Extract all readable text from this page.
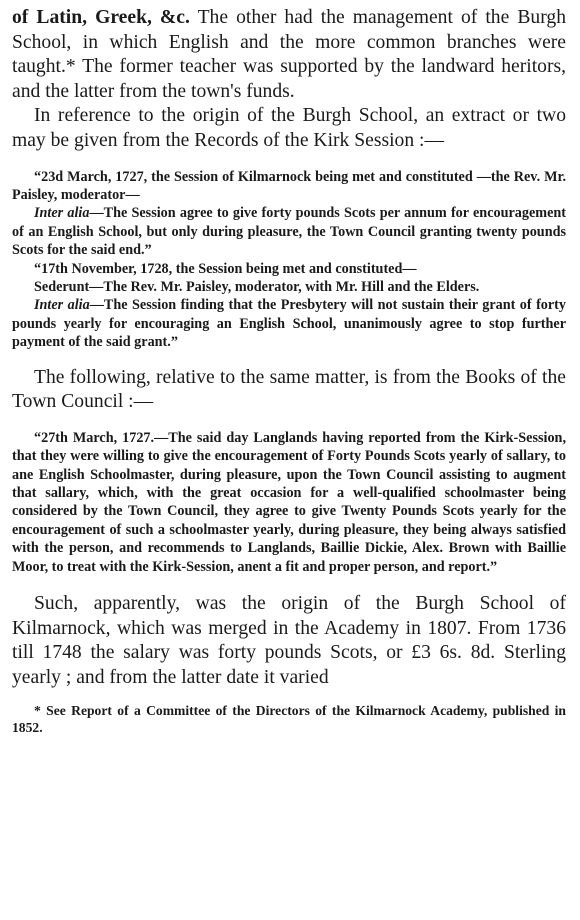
of Latin, Greek, &c. The other had the management of the Burgh School, in which English and the more common branches were taught.* The former teacher was supported by the landward heritors, and the latter from the town's funds.

In reference to the origin of the Burgh School, an extract or two may be given from the Records of the Kirk Session :—

“23d March, 1727, the Session of Kilmarnock being met and constituted —the Rev. Mr. Paisley, moderator—

Inter alia—The Session agree to give forty pounds Scots per annum for encouragement of an English School, but only during pleasure, the Town Council granting twenty pounds Scots for the said end.”

“17th November, 1728, the Session being met and constituted—

Sederunt—The Rev. Mr. Paisley, moderator, with Mr. Hill and the Elders.

Inter alia—The Session finding that the Presbytery will not sustain their grant of forty pounds yearly for encouraging an English School, unanimously agree to stop further payment of the said grant.”

The following, relative to the same matter, is from the Books of the Town Council :—

“27th March, 1727.—The said day Langlands having reported from the Kirk-Session, that they were willing to give the encouragement of Forty Pounds Scots yearly of sallary, to ane English Schoolmaster, during pleasure, upon the Town Council assisting to augment that sallary, which, with the great occasion for a well-qualified schoolmaster being considered by the Town Council, they agree to give Twenty Pounds Scots yearly for the encouragement of such a schoolmaster yearly, during pleasure, they being always satisfied with the person, and recommends to Langlands, Baillie Dickie, Alex. Brown with Baillie Moor, to treat with the Kirk-Session, anent a fit and proper person, and report.”

Such, apparently, was the origin of the Burgh School of Kilmarnock, which was merged in the Academy in 1807. From 1736 till 1748 the salary was forty pounds Scots, or £3 6s. 8d. Sterling yearly ; and from the latter date it varied

* See Report of a Committee of the Directors of the Kilmarnock Academy, published in 1852.
